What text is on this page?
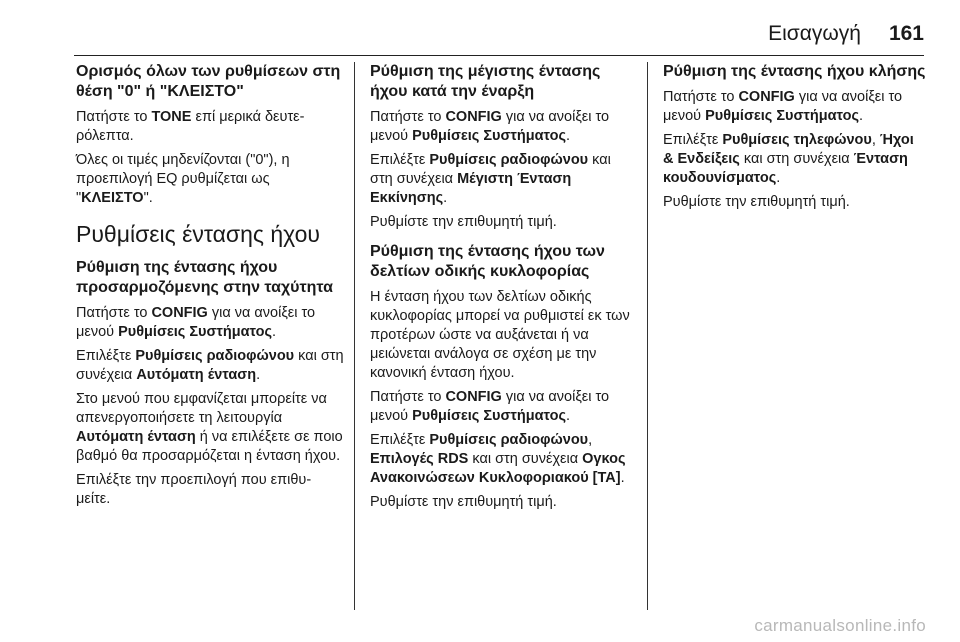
Εισαγωγή 161
Ορισμός όλων των ρυθμίσεων στη θέση "0" ή "ΚΛΕΙΣΤΟ"

Πατήστε το TONE επί μερικά δευτε- ρόλεπτα.

Όλες οι τιμές μηδενίζονται ("0"), η προεπιλογή EQ ρυθμίζεται ως "ΚΛΕΙΣΤΟ".

Ρυθμίσεις έντασης ήχου
Ρύθμιση της έντασης ήχου προσαρμοζόμενης στην ταχύτητα

Πατήστε το CONFIG για να ανοίξει το μενού Ρυθμίσεις Συστήματος.

Επιλέξτε Ρυθμίσεις ραδιοφώνου και στη συνέχεια Αυτόματη ένταση.

Στο μενού που εμφανίζεται μπορείτε να απενεργοποιήσετε τη λειτουργία Αυτόματη ένταση ή να επιλέξετε σε ποιο βαθμό θα προσαρμόζεται η ένταση ήχου.

Επιλέξτε την προεπιλογή που επιθυ- μείτε.

Ρύθμιση της μέγιστης έντασης ήχου κατά την έναρξη

Πατήστε το CONFIG για να ανοίξει το μενού Ρυθμίσεις Συστήματος.

Επιλέξτε Ρυθμίσεις ραδιοφώνου και στη συνέχεια Μέγιστη Ένταση Εκκίνησης.

Ρυθμίστε την επιθυμητή τιμή.

Ρύθμιση της έντασης ήχου των δελτίων οδικής κυκλοφορίας

Η ένταση ήχου των δελτίων οδικής κυκλοφορίας μπορεί να ρυθμιστεί εκ των προτέρων ώστε να αυξάνεται ή να μειώνεται ανάλογα σε σχέση με την κανονική ένταση ήχου.

Πατήστε το CONFIG για να ανοίξει το μενού Ρυθμίσεις Συστήματος.

Επιλέξτε Ρυθμίσεις ραδιοφώνου, Επιλογές RDS και στη συνέχεια Ογκος Ανακοινώσεων Κυκλοφοριακού [ΤΑ].

Ρυθμίστε την επιθυμητή τιμή.

Ρύθμιση της έντασης ήχου κλήσης

Πατήστε το CONFIG για να ανοίξει το μενού Ρυθμίσεις Συστήματος.

Επιλέξτε Ρυθμίσεις τηλεφώνου, Ήχοι & Ενδείξεις και στη συνέχεια Ένταση κουδουνίσματος.

Ρυθμίστε την επιθυμητή τιμή.

carmanualsonline.info
